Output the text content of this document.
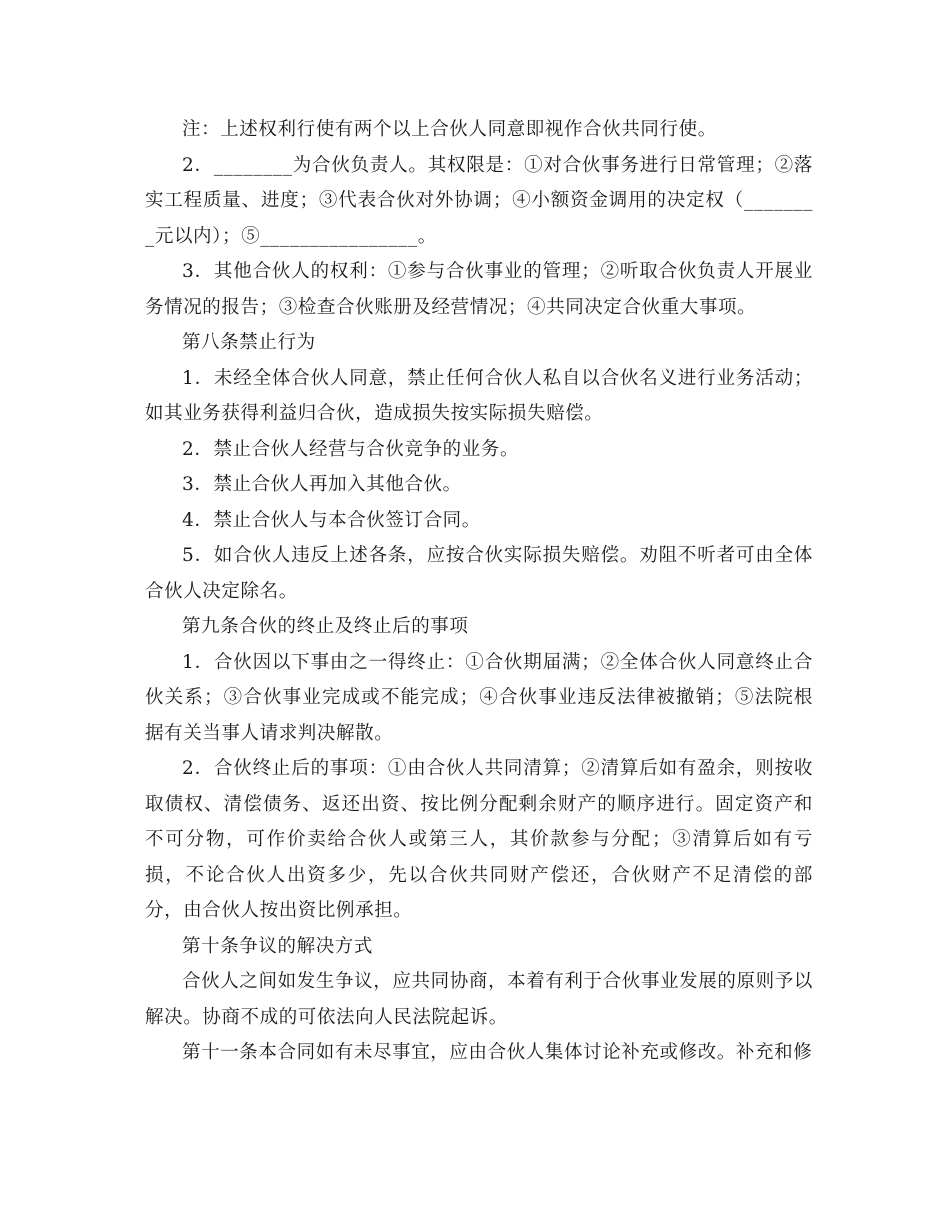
注：上述权利行使有两个以上合伙人同意即视作合伙共同行使。

2．________为合伙负责人。其权限是：①对合伙事务进行日常管理；②落实工程质量、进度；③代表合伙对外协调；④小额资金调用的决定权（________元以内）；⑤________________。

3．其他合伙人的权利：①参与合伙事业的管理；②听取合伙负责人开展业务情况的报告；③检查合伙账册及经营情况；④共同决定合伙重大事项。

第八条禁止行为

1．未经全体合伙人同意，禁止任何合伙人私自以合伙名义进行业务活动；如其业务获得利益归合伙，造成损失按实际损失赔偿。

2．禁止合伙人经营与合伙竞争的业务。

3．禁止合伙人再加入其他合伙。

4．禁止合伙人与本合伙签订合同。

5．如合伙人违反上述各条，应按合伙实际损失赔偿。劝阻不听者可由全体合伙人决定除名。

第九条合伙的终止及终止后的事项

1．合伙因以下事由之一得终止：①合伙期届满；②全体合伙人同意终止合伙关系；③合伙事业完成或不能完成；④合伙事业违反法律被撤销；⑤法院根据有关当事人请求判决解散。

2．合伙终止后的事项：①由合伙人共同清算；②清算后如有盈余，则按收取债权、清偿债务、返还出资、按比例分配剩余财产的顺序进行。固定资产和不可分物，可作价卖给合伙人或第三人，其价款参与分配；③清算后如有亏损，不论合伙人出资多少，先以合伙共同财产偿还，合伙财产不足清偿的部分，由合伙人按出资比例承担。

第十条争议的解决方式

合伙人之间如发生争议，应共同协商，本着有利于合伙事业发展的原则予以解决。协商不成的可依法向人民法院起诉。

第十一条本合同如有未尽事宜，应由合伙人集体讨论补充或修改。补充和修
